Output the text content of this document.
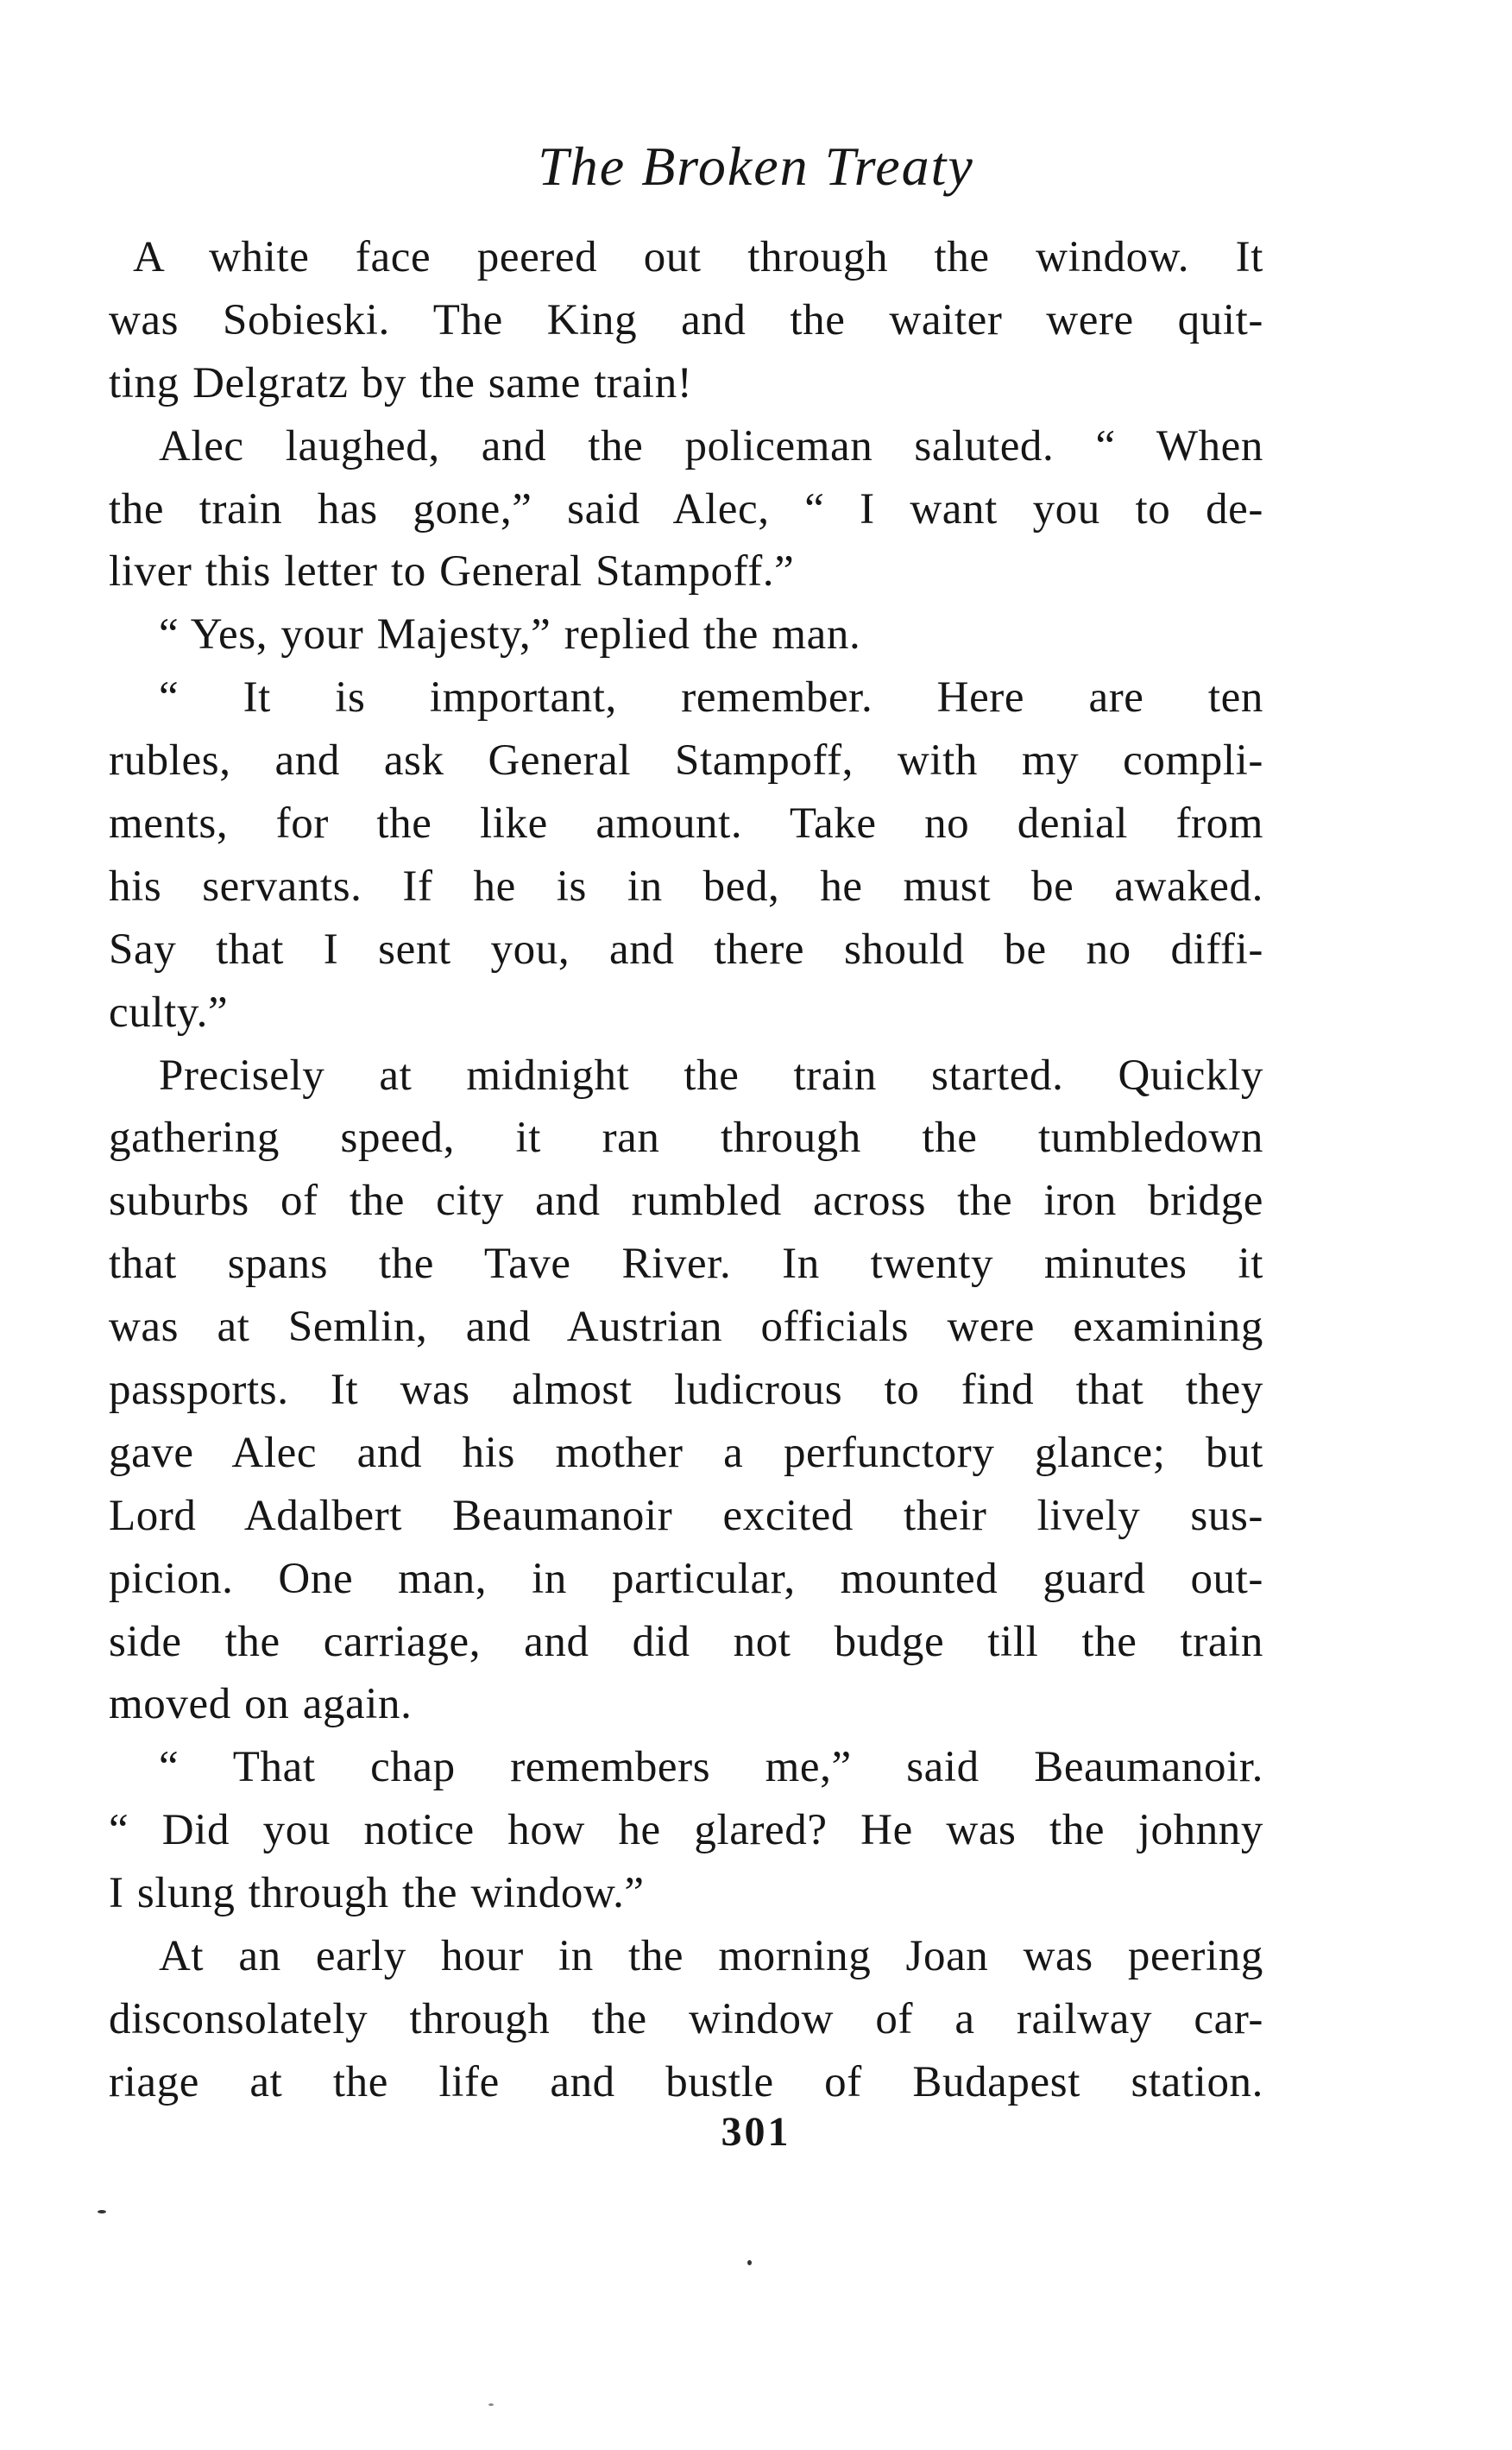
The Broken Treaty

A white face peered out through the window. It
was Sobieski. The King and the waiter were quit-
ting Delgratz by the same train!

Alec laughed, and the policeman saluted. “ When
the train has gone,” said Alec, “ I want you to de-
liver this letter to General Stampoff.”

“ Yes, your Majesty,” replied the man.

“ It is important, remember. Here are ten
rubles, and ask General Stampoff, with my compli-
ments, for the like amount. Take no denial from
his servants. If he is in bed, he must be awaked.
Say that I sent you, and there should be no diffi-
culty.”

Precisely at midnight the train started. Quickly
gathering speed, it ran through the tumbledown
suburbs of the city and rumbled across the iron bridge
that spans the Tave River. In twenty minutes it
was at Semlin, and Austrian officials were examining
passports. It was almost ludicrous to find that they
gave Alec and his mother a perfunctory glance; but
Lord Adalbert Beaumanoir excited their lively sus-
picion. One man, in particular, mounted guard out-
side the carriage, and did not budge till the train
moved on again.

“ That chap remembers me,” said Beaumanoir.
“ Did you notice how he glared? He was the johnny
I slung through the window.”

At an early hour in the morning Joan was peering
disconsolately through the window of a railway car-
riage at the life and bustle of Budapest station.

301
